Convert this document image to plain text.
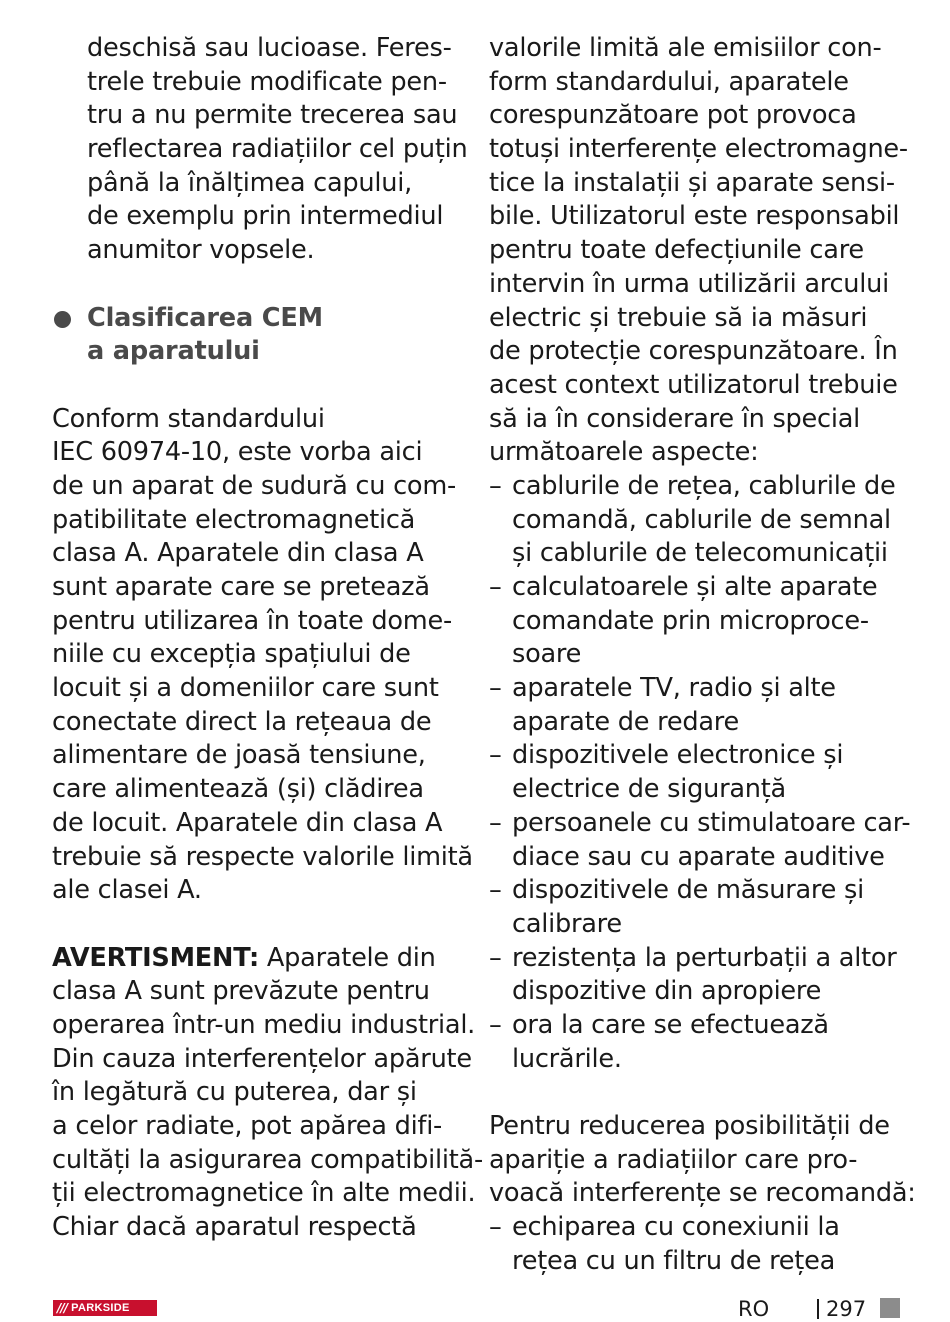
deschisă sau lucioase. Feres-
trele trebuie modificate pen-
tru a nu permite trecerea sau
reflectarea radiațiilor cel puțin
până la înălțimea capului,
de exemplu prin intermediul
anumitor vopsele.
Clasificarea CEM
a aparatului
Conform standardului
IEC 60974-10, este vorba aici
de un aparat de sudură cu com-
patibilitate electromagnetică
clasa A. Aparatele din clasa A
sunt aparate care se pretează
pentru utilizarea în toate dome-
niile cu excepția spațiului de
locuit și a domeniilor care sunt
conectate direct la rețeaua de
alimentare de joasă tensiune,
care alimentează (și) clădirea
de locuit. Aparatele din clasa A
trebuie să respecte valorile limită
ale clasei A.
AVERTISMENT: Aparatele din
clasa A sunt prevăzute pentru
operarea într-un mediu industrial.
Din cauza interferențelor apărute
în legătură cu puterea, dar și
a celor radiate, pot apărea difi-
cultăți la asigurarea compatibilită-
ții electromagnetice în alte medii.
Chiar dacă aparatul respectă
valorile limită ale emisiilor con-
form standardului, aparatele
corespunzătoare pot provoca
totuși interferențe electromagne-
tice la instalații și aparate sensi-
bile. Utilizatorul este responsabil
pentru toate defecțiunile care
intervin în urma utilizării arcului
electric și trebuie să ia măsuri
de protecție corespunzătoare. În
acest context utilizatorul trebuie
să ia în considerare în special
următoarele aspecte:
– cablurile de rețea, cablurile de
comandă, cablurile de semnal
și cablurile de telecomunicații
– calculatoarele și alte aparate
comandate prin microproce-
soare
– aparatele TV, radio și alte
aparate de redare
– dispozitivele electronice și
electrice de siguranță
– persoanele cu stimulatoare car-
diace sau cu aparate auditive
– dispozitivele de măsurare și
calibrare
– rezistența la perturbații a altor
dispozitive din apropiere
– ora la care se efectuează
lucrările.
Pentru reducerea posibilității de
apariție a radiațiilor care pro-
voacă interferențe se recomandă:
– echiparea cu conexiunii la
rețea cu un filtru de rețea
/// PARKSIDE	RO	297
